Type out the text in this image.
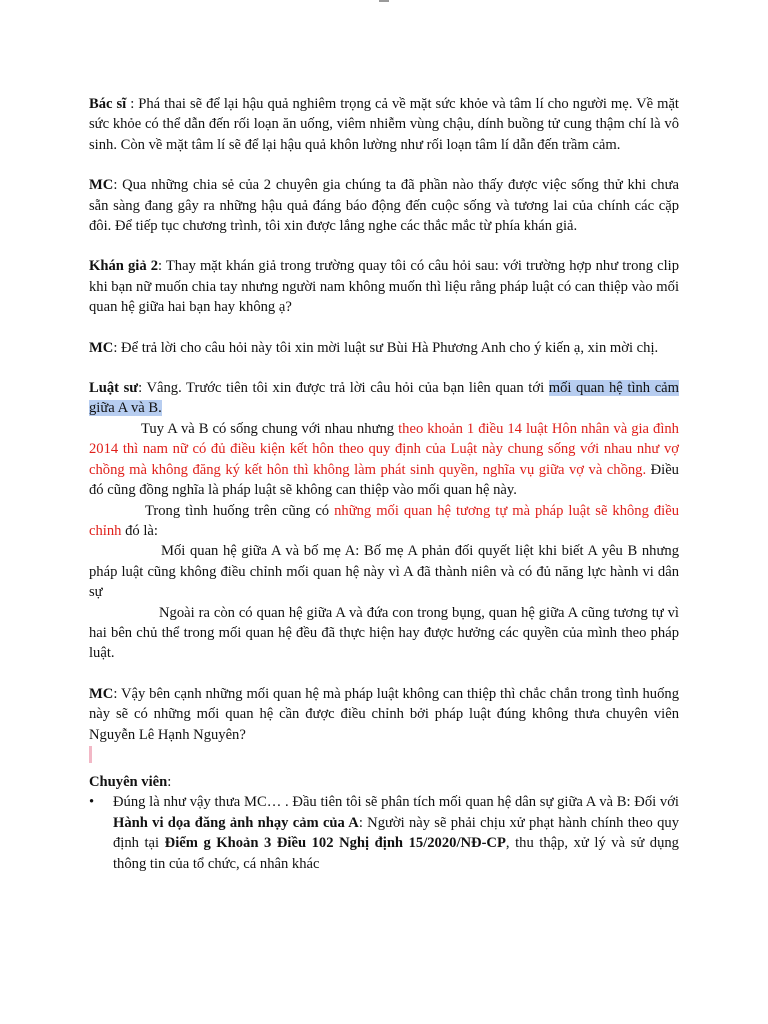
Bác sĩ : Phá thai sẽ để lại hậu quả nghiêm trọng cả về mặt sức khỏe và tâm lí cho người mẹ. Về mặt sức khỏe có thể dẫn đến rối loạn ăn uống, viêm nhiễm vùng chậu, dính buồng tử cung thậm chí là vô sinh. Còn về mặt tâm lí sẽ để lại hậu quả khôn lường như rối loạn tâm lí dẫn đến trầm cảm.

MC: Qua những chia sẻ của 2 chuyên gia chúng ta đã phần nào thấy được việc sống thử khi chưa sẵn sàng đang gây ra những hậu quả đáng báo động đến cuộc sống và tương lai của chính các cặp đôi. Để tiếp tục chương trình, tôi xin được lắng nghe các thắc mắc từ phía khán giả.

Khán giả 2: Thay mặt khán giả trong trường quay tôi có câu hỏi sau: với trường hợp như trong clip khi bạn nữ muốn chia tay nhưng người nam không muốn thì liệu rằng pháp luật có can thiệp vào mối quan hệ giữa hai bạn hay không ạ?

MC: Để trả lời cho câu hỏi này tôi xin mời luật sư Bùi Hà Phương Anh cho ý kiến ạ, xin mời chị.

Luật sư: Vâng. Trước tiên tôi xin được trả lời câu hỏi của bạn liên quan tới mối quan hệ tình cảm giữa A và B.

Tuy A và B có sống chung với nhau nhưng theo khoản 1 điều 14 luật Hôn nhân và gia đình 2014 thì nam nữ có đủ điều kiện kết hôn theo quy định của Luật này chung sống với nhau như vợ chồng mà không đăng ký kết hôn thì không làm phát sinh quyền, nghĩa vụ giữa vợ và chồng. Điều đó cũng đồng nghĩa là pháp luật sẽ không can thiệp vào mối quan hệ này.

Trong tình huống trên cũng có những mối quan hệ tương tự mà pháp luật sẽ không điều chỉnh đó là:

Mối quan hệ giữa A và bố mẹ A: Bố mẹ A phản đối quyết liệt khi biết A yêu B nhưng pháp luật cũng không điều chỉnh mối quan hệ này vì A đã thành niên và có đủ năng lực hành vi dân sự

Ngoài ra còn có quan hệ giữa A và đứa con trong bụng, quan hệ giữa A cũng tương tự vì hai bên chủ thể trong mối quan hệ đều đã thực hiện hay được hưởng các quyền của mình theo pháp luật.

MC: Vậy bên cạnh những mối quan hệ mà pháp luật không can thiệp thì chắc chắn trong tình huống này sẽ có những mối quan hệ cần được điều chỉnh bởi pháp luật đúng không thưa chuyên viên Nguyễn Lê Hạnh Nguyên?

Chuyên viên:

• Đúng là như vậy thưa MC… . Đầu tiên tôi sẽ phân tích mối quan hệ dân sự giữa A và B: Đối với Hành vi dọa đăng ảnh nhạy cảm của A: Người này sẽ phải chịu xử phạt hành chính theo quy định tại Điểm g Khoản 3 Điều 102 Nghị định 15/2020/NĐ-CP, thu thập, xử lý và sử dụng thông tin của tổ chức, cá nhân khác
